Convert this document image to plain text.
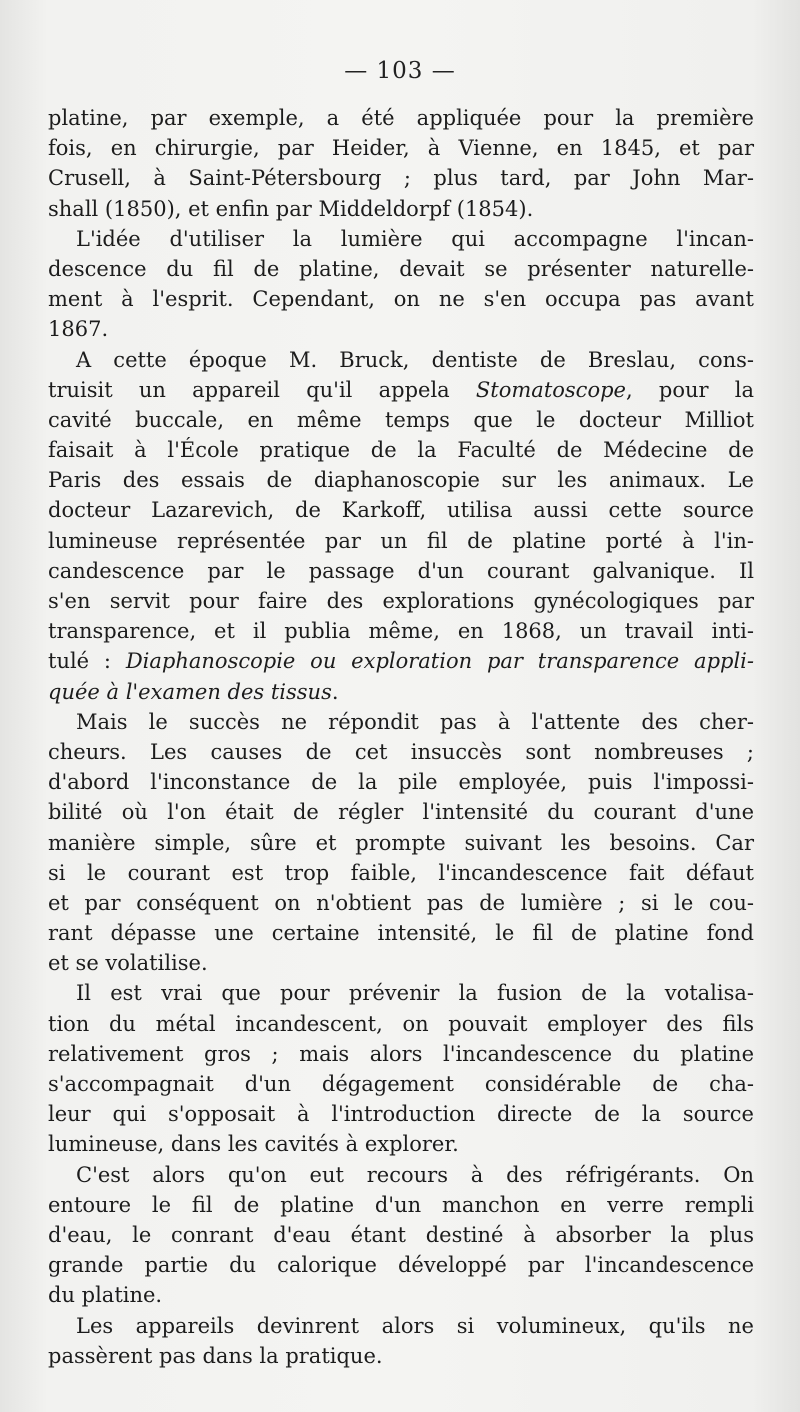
— 103 —
platine, par exemple, a été appliquée pour la première
fois, en chirurgie, par Heider, à Vienne, en 1845, et par
Crusell, à Saint-Pétersbourg ; plus tard, par John Mar-
shall (1850), et enfin par Middeldorpf (1854).
L'idée d'utiliser la lumière qui accompagne l'incan-
descence du fil de platine, devait se présenter naturelle-
ment à l'esprit. Cependant, on ne s'en occupa pas avant
1867.
A cette époque M. Bruck, dentiste de Breslau, cons-
truisit un appareil qu'il appela Stomatoscope, pour la
cavité buccale, en même temps que le docteur Milliot
faisait à l'École pratique de la Faculté de Médecine de
Paris des essais de diaphanoscopie sur les animaux. Le
docteur Lazarevich, de Karkoff, utilisa aussi cette source
lumineuse représentée par un fil de platine porté à l'in-
candescence par le passage d'un courant galvanique. Il
s'en servit pour faire des explorations gynécologiques par
transparence, et il publia même, en 1868, un travail inti-
tulé : Diaphanoscopie ou exploration par transparence appli-
quée à l'examen des tissus.
Mais le succès ne répondit pas à l'attente des cher-
cheurs. Les causes de cet insuccès sont nombreuses ;
d'abord l'inconstance de la pile employée, puis l'impossi-
bilité où l'on était de régler l'intensité du courant d'une
manière simple, sûre et prompte suivant les besoins. Car
si le courant est trop faible, l'incandescence fait défaut
et par conséquent on n'obtient pas de lumière ; si le cou-
rant dépasse une certaine intensité, le fil de platine fond
et se volatilise.
Il est vrai que pour prévenir la fusion de la votalisa-
tion du métal incandescent, on pouvait employer des fils
relativement gros ; mais alors l'incandescence du platine
s'accompagnait d'un dégagement considérable de cha-
leur qui s'opposait à l'introduction directe de la source
lumineuse, dans les cavités à explorer.
C'est alors qu'on eut recours à des réfrigérants. On
entoure le fil de platine d'un manchon en verre rempli
d'eau, le conrant d'eau étant destiné à absorber la plus
grande partie du calorique développé par l'incandescence
du platine.
Les appareils devinrent alors si volumineux, qu'ils ne
passèrent pas dans la pratique.
